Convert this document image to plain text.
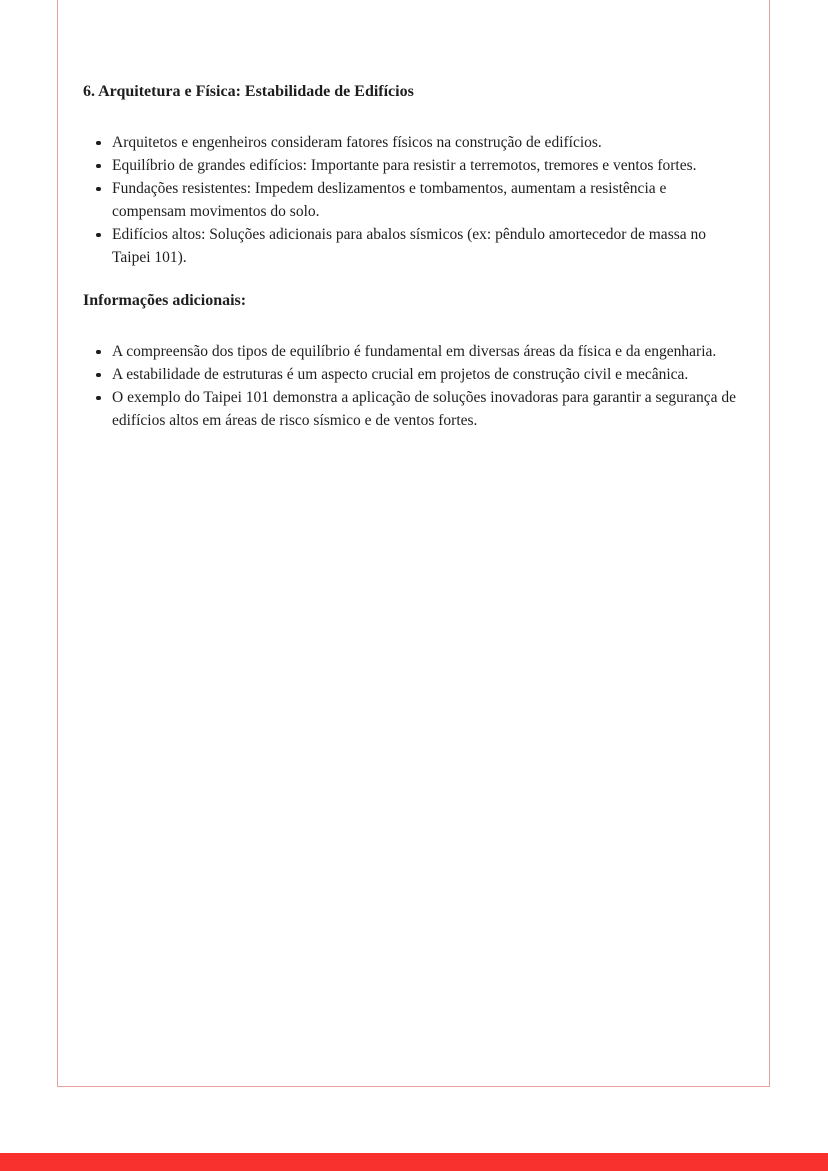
6. Arquitetura e Física: Estabilidade de Edifícios
Arquitetos e engenheiros consideram fatores físicos na construção de edifícios.
Equilíbrio de grandes edifícios: Importante para resistir a terremotos, tremores e ventos fortes.
Fundações resistentes: Impedem deslizamentos e tombamentos, aumentam a resistência e compensam movimentos do solo.
Edifícios altos: Soluções adicionais para abalos sísmicos (ex: pêndulo amortecedor de massa no Taipei 101).
Informações adicionais:
A compreensão dos tipos de equilíbrio é fundamental em diversas áreas da física e da engenharia.
A estabilidade de estruturas é um aspecto crucial em projetos de construção civil e mecânica.
O exemplo do Taipei 101 demonstra a aplicação de soluções inovadoras para garantir a segurança de edifícios altos em áreas de risco sísmico e de ventos fortes.
